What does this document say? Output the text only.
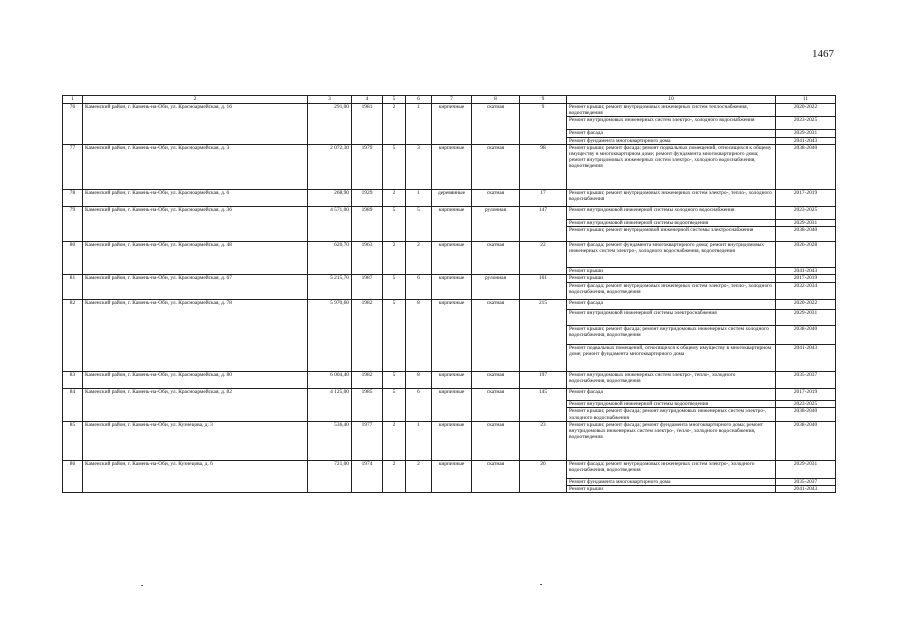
1467
1	2	3	4	5	6	7	8	9	10	11
76	Каменский район, г. Камень-на-Оби, ул. Красноармейская, д. 16	291,00	1981	2	1	кирпичные	скатная	9	Ремонт крыши; ремонт внутридомовых инженерных систем теплоснабжения, водоотведения	2020-2022
									Ремонт внутридомовых инженерных систем электро-, холодного водоснабжения	2023-2025
									Ремонт фасада	2029-2031
									Ремонт фундамента многоквартирного дома	2041-2043
77	Каменский район, г. Камень-на-Оби, ул. Красноармейская, д. 3	2 072,30	1979	5	3	кирпичные	скатная	98	Ремонт крыши; ремонт фасада; ремонт подвальных помещений, относящихся к общему имуществу в многоквартирном доме; ремонт фундамента многоквартирного дома; ремонт внутридомовых инженерных систем электро-, холодного водоснабжения, водоотведения	2038-2040
78	Каменский район, г. Камень-на-Оби, ул. Красноармейская, д. 6	268,90	1929	2	1	деревянные	скатная	17	Ремонт крыши; ремонт внутридомовых инженерных систем электро-, тепло-, холодного водоснабжения	2017-2019
79	Каменский район, г. Камень-на-Оби, ул. Красноармейская, д. 36	4 571,00	1989	5	5	кирпичные	рулонная	147	Ремонт внутридомовой инженерной системы холодного водоснабжения	2023-2025
									Ремонт внутридомовой инженерной системы водоотведения	2029-2031
									Ремонт крыши; ремонт внутридомовой инженерной системы электроснабжения	2038-2040
80	Каменский район, г. Камень-на-Оби, ул. Красноармейская, д. 48	620,70	1963	2	2	кирпичные	скатная	22	Ремонт фасада; ремонт фундамента многоквартирного дома; ремонт внутридомовых инженерных систем электро-, холодного водоснабжения, водоотведения	2026-2028
									Ремонт крыши	2041-2043
81	Каменский район, г. Камень-на-Оби, ул. Красноармейская, д. 67	5 215,70	1987	5	6	кирпичные	рулонная	161	Ремонт крыши	2017-2019
									Ремонт фасада; ремонт внутридомовых инженерных систем электро-, тепло-, холодного водоснабжения, водоотведения	2032-2034
82	Каменский район, г. Камень-на-Оби, ул. Красноармейская, д. 78	5 970,60	1982	5	8	кирпичные	скатная	215	Ремонт фасада	2020-2022
									Ремонт внутридомовой инженерной системы электроснабжения	2029-2031
									Ремонт крыши; ремонт фасада; ремонт внутридомовых инженерных систем холодного водоснабжения, водоотведения	2038-2040
									Ремонт подвальных помещений, относящихся к общему имуществу в многоквартирном доме; ремонт фундамента многоквартирного дома	2041-2043
83	Каменский район, г. Камень-на-Оби, ул. Красноармейская, д. 80	6 004,40	1982	5	8	кирпичные	скатная	197	Ремонт внутридомовых инженерных систем электро-, тепло-, холодного водоснабжения, водоотведения	2035-2037
84	Каменский район, г. Камень-на-Оби, ул. Красноармейская, д. 82	4 125,00	1985	5	6	кирпичные	скатная	145	Ремонт фасада	2017-2019
									Ремонт внутридомовой инженерной системы водоотведения	2023-2025
									Ремонт крыши; ремонт фасада; ремонт внутридомовых инженерных систем электро-, холодного водоснабжения	2038-2040
85	Каменский район, г. Камень-на-Оби, ул. Кузнецова, д. 3	536,40	1977	2	1	кирпичные	скатная	23	Ремонт крыши; ремонт фасада; ремонт фундамента многоквартирного дома; ремонт внутридомовых инженерных систем электро-, тепло-, холодного водоснабжения, водоотведения	2038-2040
86	Каменский район, г. Камень-на-Оби, ул. Кузнецова, д. 6	721,00	1974	2	2	кирпичные	скатная	26	Ремонт фасада; ремонт внутридомовых инженерных систем электро-, холодного водоснабжения, водоотведения	2029-2031
									Ремонт фундамента многоквартирного дома	2035-2037
									Ремонт крыши	2041-2043
